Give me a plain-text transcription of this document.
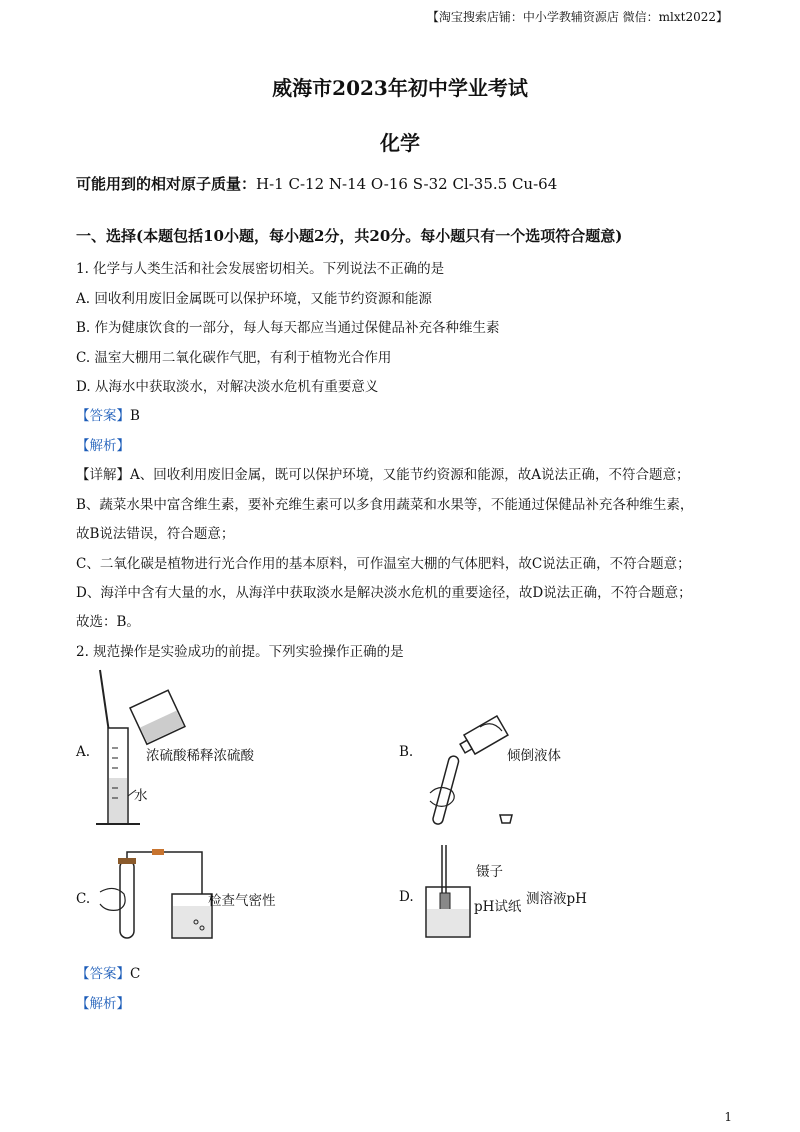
【淘宝搜索店铺：中小学教辅资源店 微信：mlxt2022】
威海市2023年初中学业考试
化学
可能用到的相对原子质量：H-1 C-12 N-14 O-16 S-32 Cl-35.5 Cu-64
一、选择(本题包括10小题，每小题2分，共20分。每小题只有一个选项符合题意)
1. 化学与人类生活和社会发展密切相关。下列说法不正确的是
A. 回收利用废旧金属既可以保护环境，又能节约资源和能源
B. 作为健康饮食的一部分，每人每天都应当通过保健品补充各种维生素
C. 温室大棚用二氧化碳作气肥，有利于植物光合作用
D. 从海水中获取淡水，对解决淡水危机有重要意义
【答案】B
【解析】
【详解】A、回收利用废旧金属，既可以保护环境，又能节约资源和能源，故A说法正确，不符合题意；
B、蔬菜水果中富含维生素，要补充维生素可以多食用蔬菜和水果等，不能通过保健品补充各种维生素，
故B说法错误，符合题意；
C、二氧化碳是植物进行光合作用的基本原料，可作温室大棚的气体肥料，故C说法正确，不符合题意；
D、海洋中含有大量的水，从海洋中获取淡水是解决淡水危机的重要途径，故D说法正确，不符合题意；
故选：B。
2. 规范操作是实验成功的前提。下列实验操作正确的是
A.	浓硫酸稀释浓硫酸
水
B.	倾倒液体
C.	检查气密性	D.
镊子
pH试纸 测溶液pH
【答案】C
【解析】
1
